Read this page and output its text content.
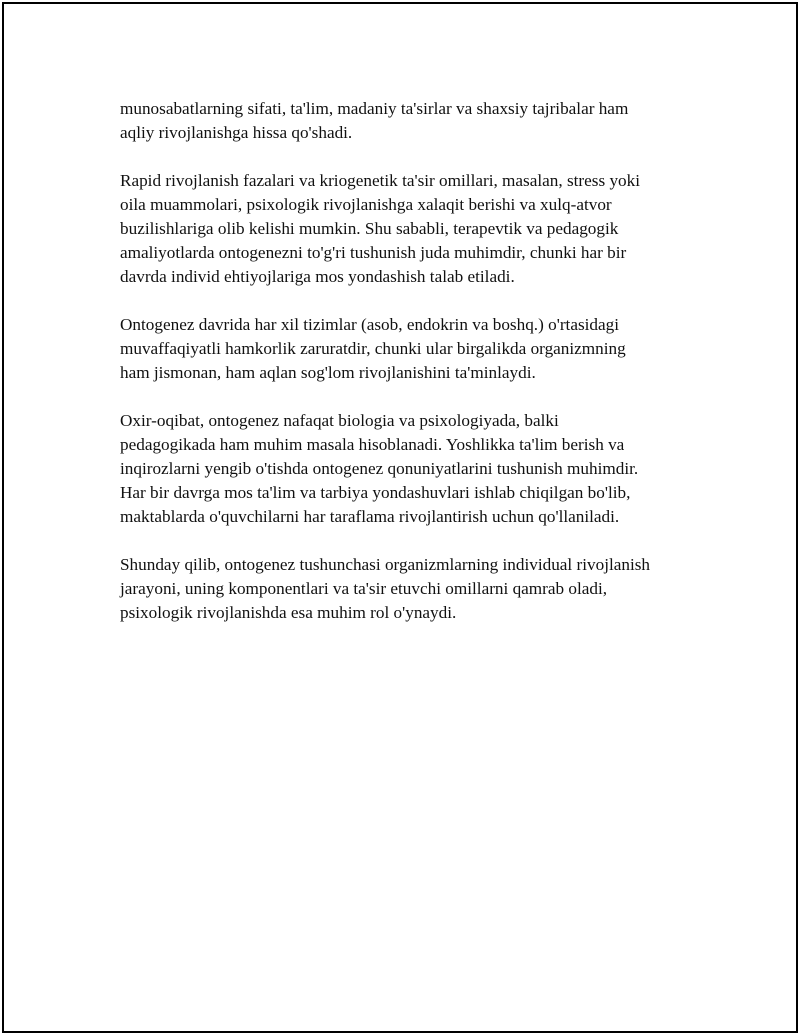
munosabatlarning sifati, ta'lim, madaniy ta'sirlar va shaxsiy tajribalar ham
aqliy rivojlanishga hissa qo'shadi.

Rapid rivojlanish fazalari va kriogenetik ta'sir omillari, masalan, stress yoki
oila muammolari, psixologik rivojlanishga xalaqit berishi va xulq-atvor
buzilishlariga olib kelishi mumkin. Shu sababli, terapevtik va pedagogik
amaliyotlarda ontogenezni to'g'ri tushunish juda muhimdir, chunki har bir
davrda individ ehtiyojlariga mos yondashish talab etiladi.

Ontogenez davrida har xil tizimlar (asob, endokrin va boshq.) o'rtasidagi
muvaffaqiyatli hamkorlik zaruratdir, chunki ular birgalikda organizmning
ham jismonan, ham aqlan sog'lom rivojlanishini ta'minlaydi.

Oxir-oqibat, ontogenez nafaqat biologia va psixologiyada, balki
pedagogikada ham muhim masala hisoblanadi. Yoshlikka ta'lim berish va
inqirozlarni yengib o'tishda ontogenez qonuniyatlarini tushunish muhimdir.
Har bir davrga mos ta'lim va tarbiya yondashuvlari ishlab chiqilgan bo'lib,
maktablarda o'quvchilarni har taraflama rivojlantirish uchun qo'llaniladi.

Shunday qilib, ontogenez tushunchasi organizmlarning individual rivojlanish
jarayoni, uning komponentlari va ta'sir etuvchi omillarni qamrab oladi,
psixologik rivojlanishda esa muhim rol o'ynaydi.
